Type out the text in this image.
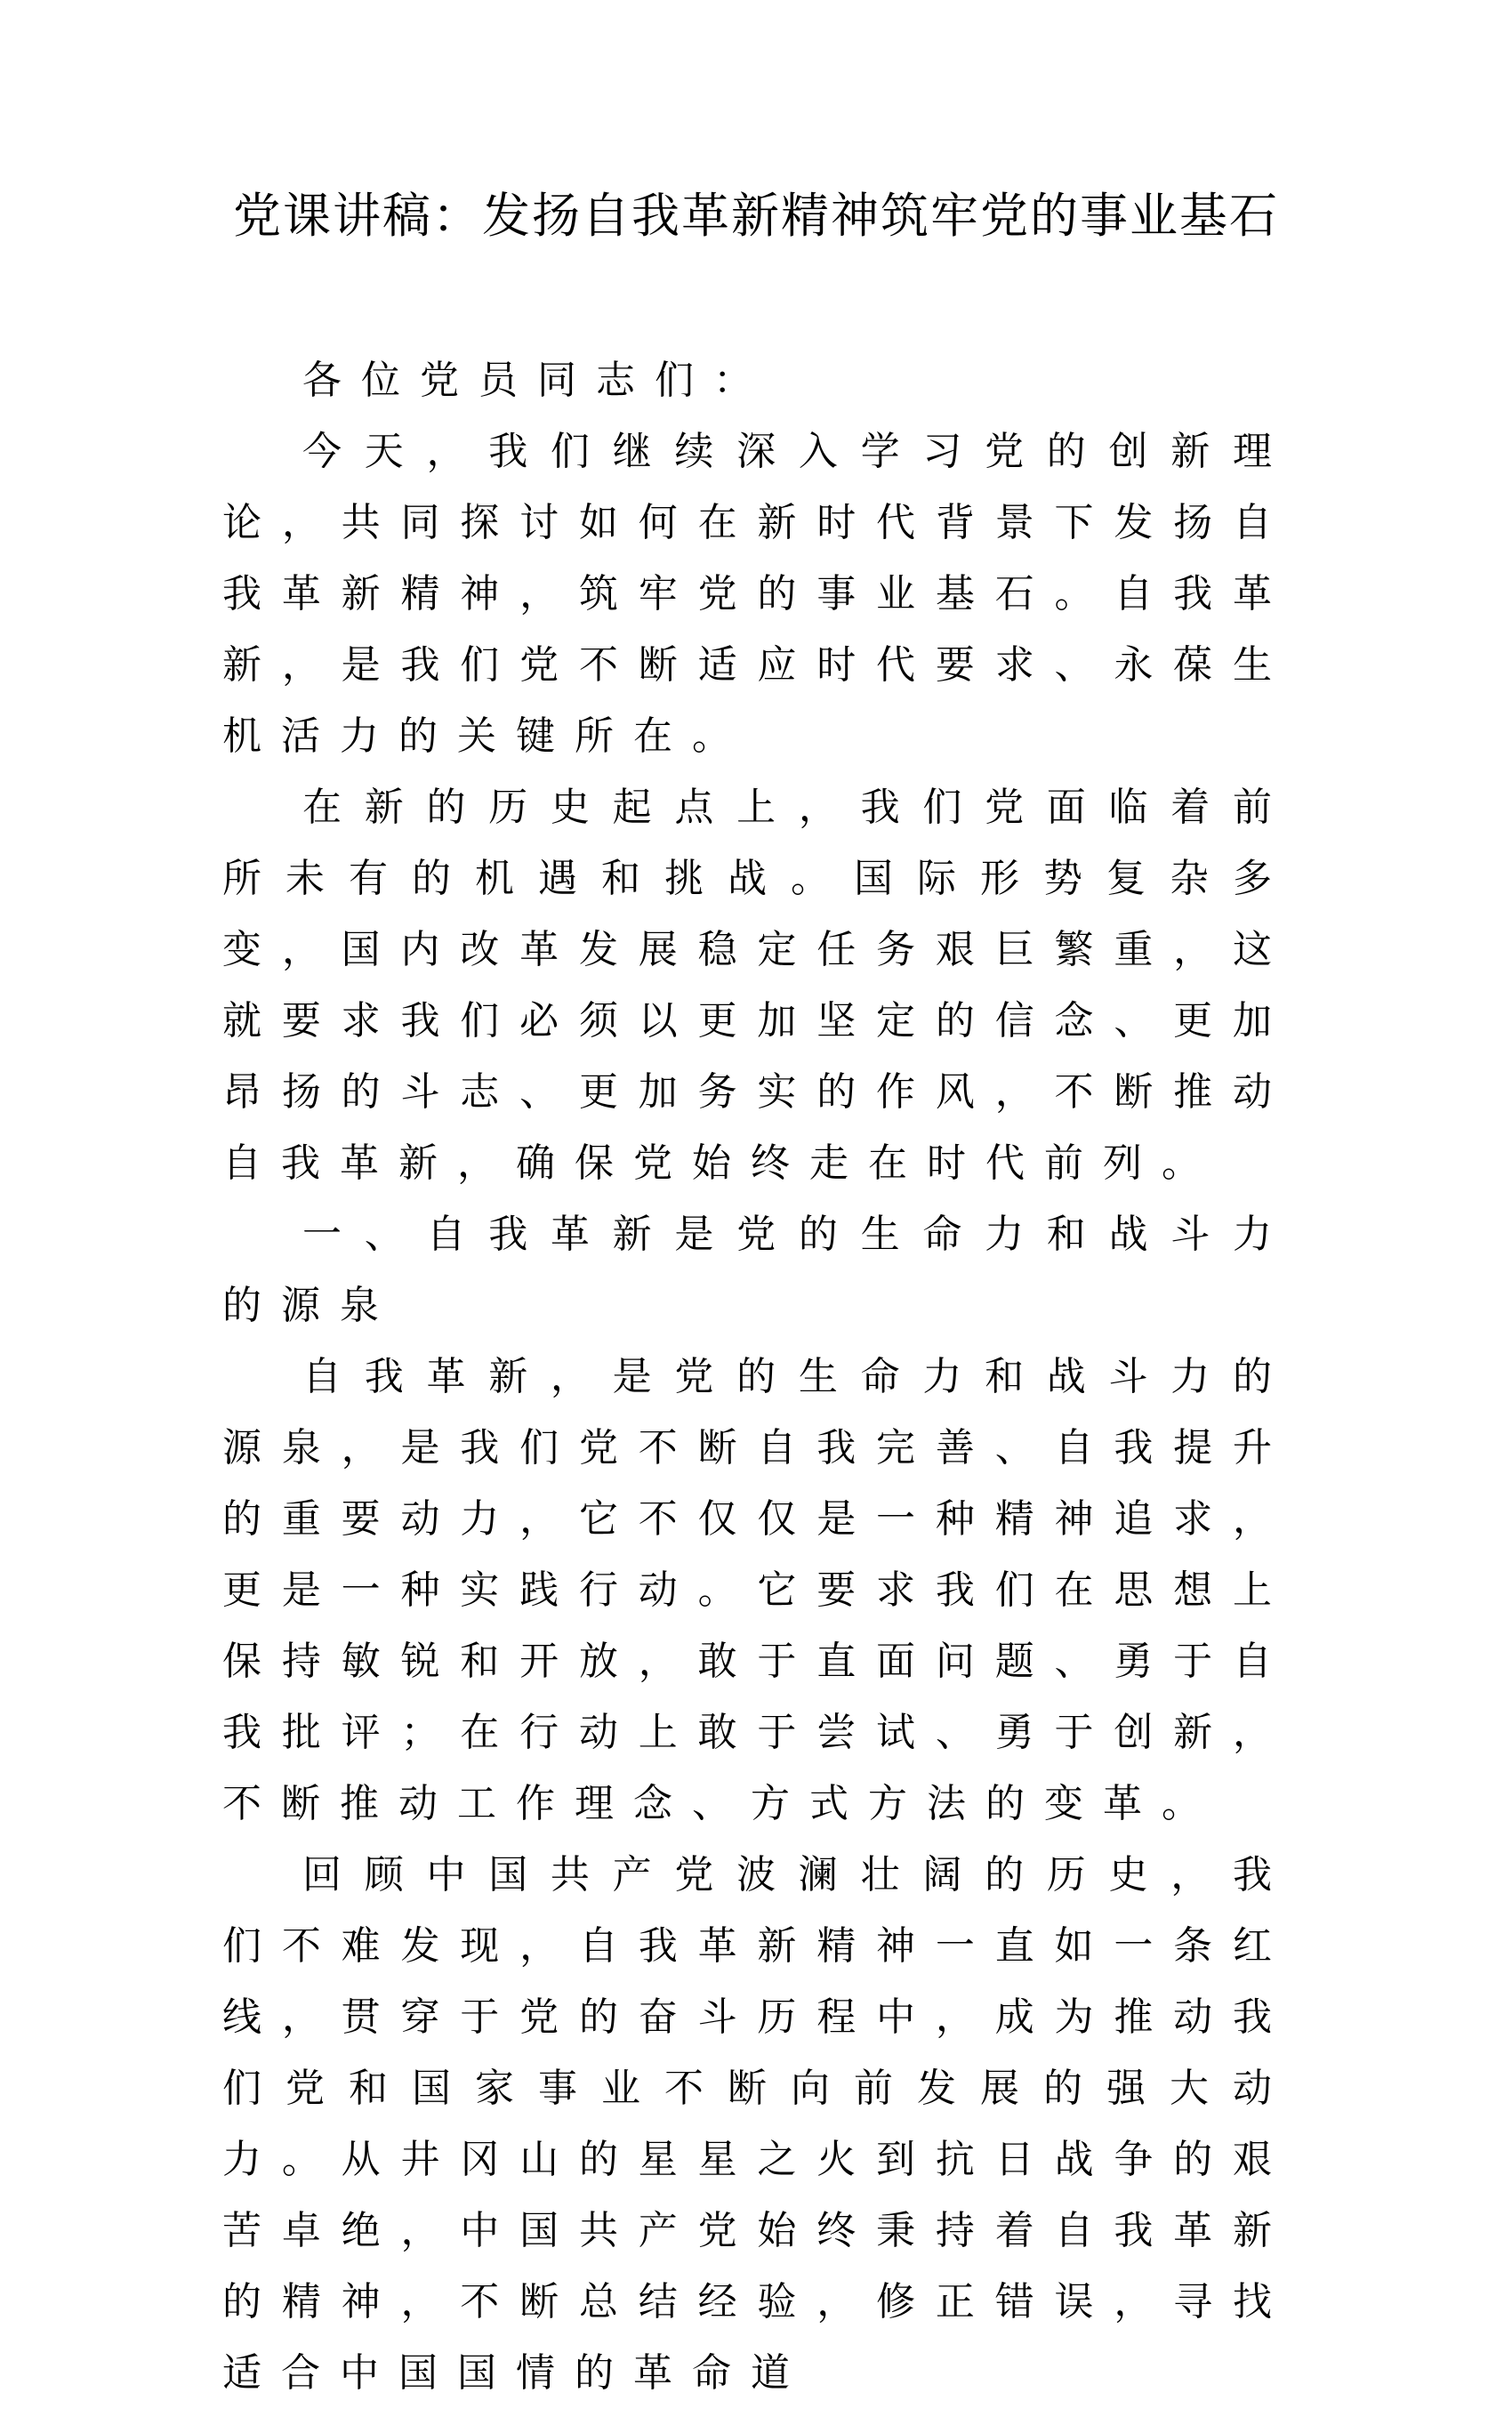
党课讲稿：发扬自我革新精神筑牢党的事业基石

各位党员同志们：

今天，我们继续深入学习党的创新理论，共同探讨如何在新时代背景下发扬自我革新精神，筑牢党的事业基石。自我革新，是我们党不断适应时代要求、永葆生机活力的关键所在。

在新的历史起点上，我们党面临着前所未有的机遇和挑战。国际形势复杂多变，国内改革发展稳定任务艰巨繁重，这就要求我们必须以更加坚定的信念、更加昂扬的斗志、更加务实的作风，不断推动自我革新，确保党始终走在时代前列。

一、自我革新是党的生命力和战斗力的源泉

自我革新，是党的生命力和战斗力的源泉，是我们党不断自我完善、自我提升的重要动力，它不仅仅是一种精神追求，更是一种实践行动。它要求我们在思想上保持敏锐和开放，敢于直面问题、勇于自我批评；在行动上敢于尝试、勇于创新，不断推动工作理念、方式方法的变革。

回顾中国共产党波澜壮阔的历史，我们不难发现，自我革新精神一直如一条红线，贯穿于党的奋斗历程中，成为推动我们党和国家事业不断向前发展的强大动力。从井冈山的星星之火到抗日战争的艰苦卓绝，中国共产党始终秉持着自我革新的精神，不断总结经验，修正错误，寻找适合中国国情的革命道
